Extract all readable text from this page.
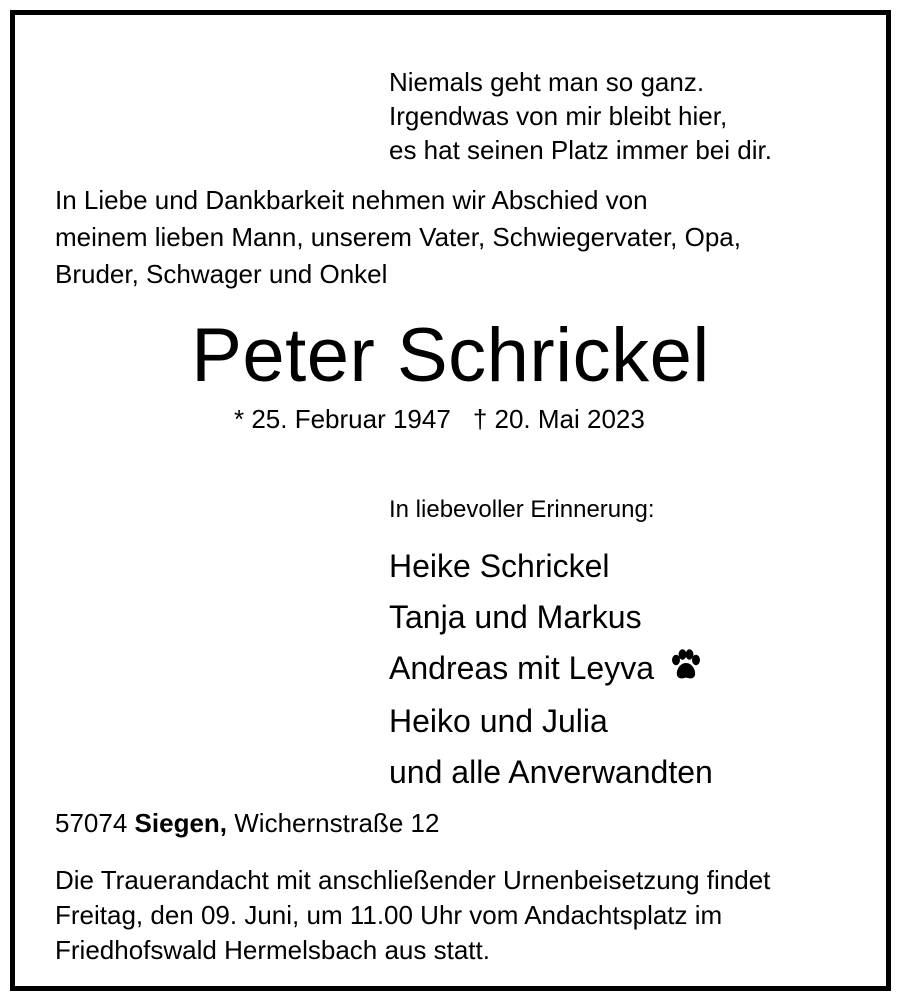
Niemals geht man so ganz.
Irgendwas von mir bleibt hier,
es hat seinen Platz immer bei dir.
In Liebe und Dankbarkeit nehmen wir Abschied von
meinem lieben Mann, unserem Vater, Schwiegervater, Opa,
Bruder, Schwager und Onkel
Peter Schrickel
* 25. Februar 1947 † 20. Mai 2023
In liebevoller Erinnerung:
Heike Schrickel
Tanja und Markus
Andreas mit Leyva
Heiko und Julia
und alle Anverwandten
57074 Siegen, Wichernstraße 12
Die Trauerandacht mit anschließender Urnenbeisetzung findet
Freitag, den 09. Juni, um 11.00 Uhr vom Andachtsplatz im
Friedhofswald Hermelsbach aus statt.
